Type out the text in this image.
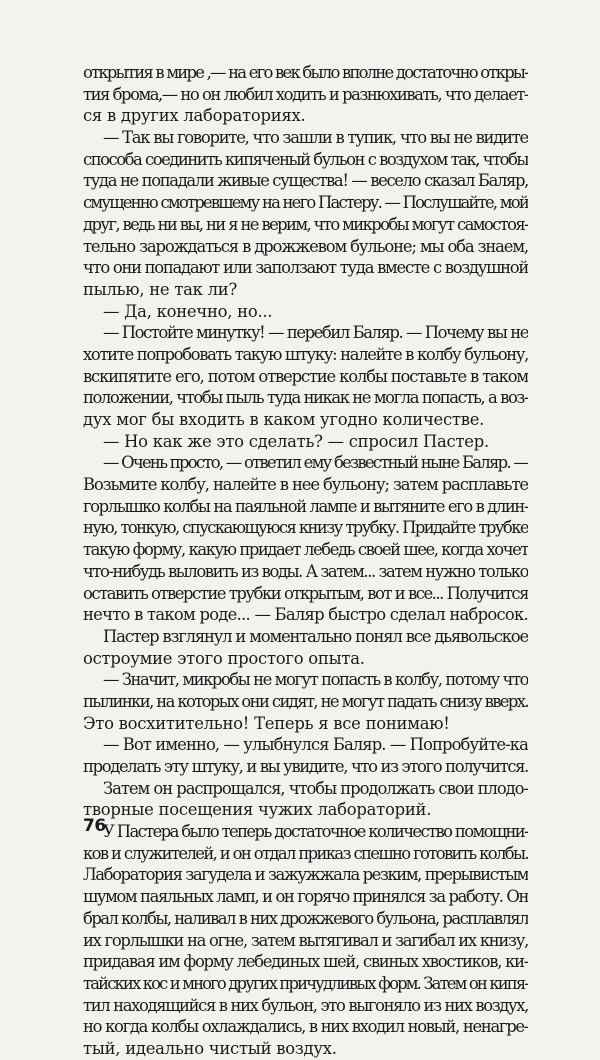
открытия в мире ,— на его век было вполне достаточно откры-
тия брома,— но он любил ходить и разнюхивать, что делает-
ся в других лабораториях.
— Так вы говорите, что зашли в тупик, что вы не видите
способа соединить кипяченый бульон с воздухом так, чтобы
туда не попадали живые существа! — весело сказал Баляр,
смущенно смотревшему на него Пастеру. — Послушайте, мой
друг, ведь ни вы, ни я не верим, что микробы могут самостоя-
тельно зарождаться в дрожжевом бульоне; мы оба знаем,
что они попадают или заползают туда вместе с воздушной
пылью, не так ли?
— Да, конечно, но...
— Постойте минутку! — перебил Баляр. — Почему вы не
хотите попробовать такую штуку: налейте в колбу бульону,
вскипятите его, потом отверстие колбы поставьте в таком
положении, чтобы пыль туда никак не могла попасть, а воз-
дух мог бы входить в каком угодно количестве.
— Но как же это сделать? — спросил Пастер.
— Очень просто, — ответил ему безвестный ныне Баляр. —
Возьмите колбу, налейте в нее бульону; затем расплавьте
горлышко колбы на паяльной лампе и вытяните его в длин-
ную, тонкую, спускающуюся книзу трубку. Придайте трубке
такую форму, какую придает лебедь своей шее, когда хочет
что-нибудь выловить из воды. А затем... затем нужно только
оставить отверстие трубки открытым, вот и все... Получится
нечто в таком роде... — Баляр быстро сделал набросок.
Пастер взглянул и моментально понял все дьявольское
остроумие этого простого опыта.
— Значит, микробы не могут попасть в колбу, потому что
пылинки, на которых они сидят, не могут падать снизу вверх.
Это восхитительно! Теперь я все понимаю!
— Вот именно, — улыбнулся Баляр. — Попробуйте-ка
проделать эту штуку, и вы увидите, что из этого получится.
Затем он распрощался, чтобы продолжать свои плодо-
творные посещения чужих лабораторий.
У Пастера было теперь достаточное количество помощни-
ков и служителей, и он отдал приказ спешно готовить колбы.
Лаборатория загудела и зажужжала резким, прерывистым
шумом паяльных ламп, и он горячо принялся за работу. Он
брал колбы, наливал в них дрожжевого бульона, расплавлял
их горлышки на огне, затем вытягивал и загибал их книзу,
придавая им форму лебединых шей, свиных хвостиков, ки-
тайских кос и много других причудливых форм. Затем он кипя-
тил находящийся в них бульон, это выгоняло из них воздух,
но когда колбы охлаждались, в них входил новый, ненагре-
тый, идеально чистый воздух.
76
